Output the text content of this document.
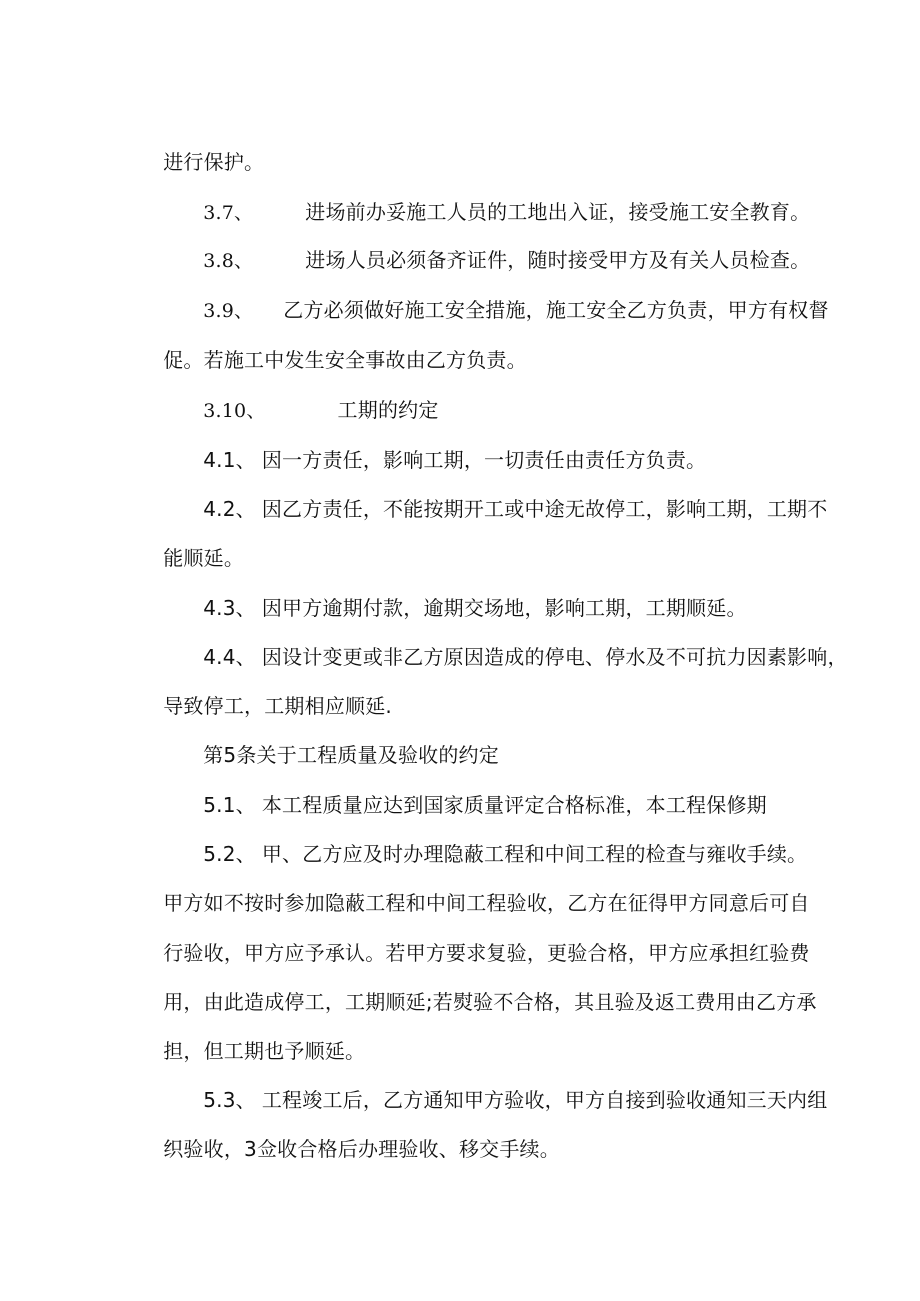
进行保护。

3.7、	进场前办妥施工人员的工地出入证，接受施工安全教育。

3.8、	进场人员必须备齐证件，随时接受甲方及有关人员检查。

3.9、 乙方必须做好施工安全措施，施工安全乙方负责，甲方有权督

促。若施工中发生安全事故由乙方负责。

3.10、	工期的约定

4.1、 因一方责任，影响工期，一切责任由责任方负责。

4.2、 因乙方责任，不能按期开工或中途无故停工，影响工期，工期不

能顺延。

4.3、 因甲方逾期付款，逾期交场地，影响工期，工期顺延。

4.4、 因设计变更或非乙方原因造成的停电、停水及不可抗力因素影响，

导致停工，工期相应顺延.

第5条关于工程质量及验收的约定

5.1、 本工程质量应达到国家质量评定合格标准，本工程保修期

5.2、 甲、乙方应及时办理隐蔽工程和中间工程的检查与雍收手续。

甲方如不按时参加隐蔽工程和中间工程验收，乙方在征得甲方同意后可自

行验收，甲方应予承认。若甲方要求复验，更验合格，甲方应承担红验费

用，由此造成停工，工期顺延;若熨验不合格，其且验及返工费用由乙方承

担，但工期也予顺延。

5.3、 工程竣工后，乙方通知甲方验收，甲方自接到验收通知三天内组

织验收，3佥收合格后办理验收、移交手续。
